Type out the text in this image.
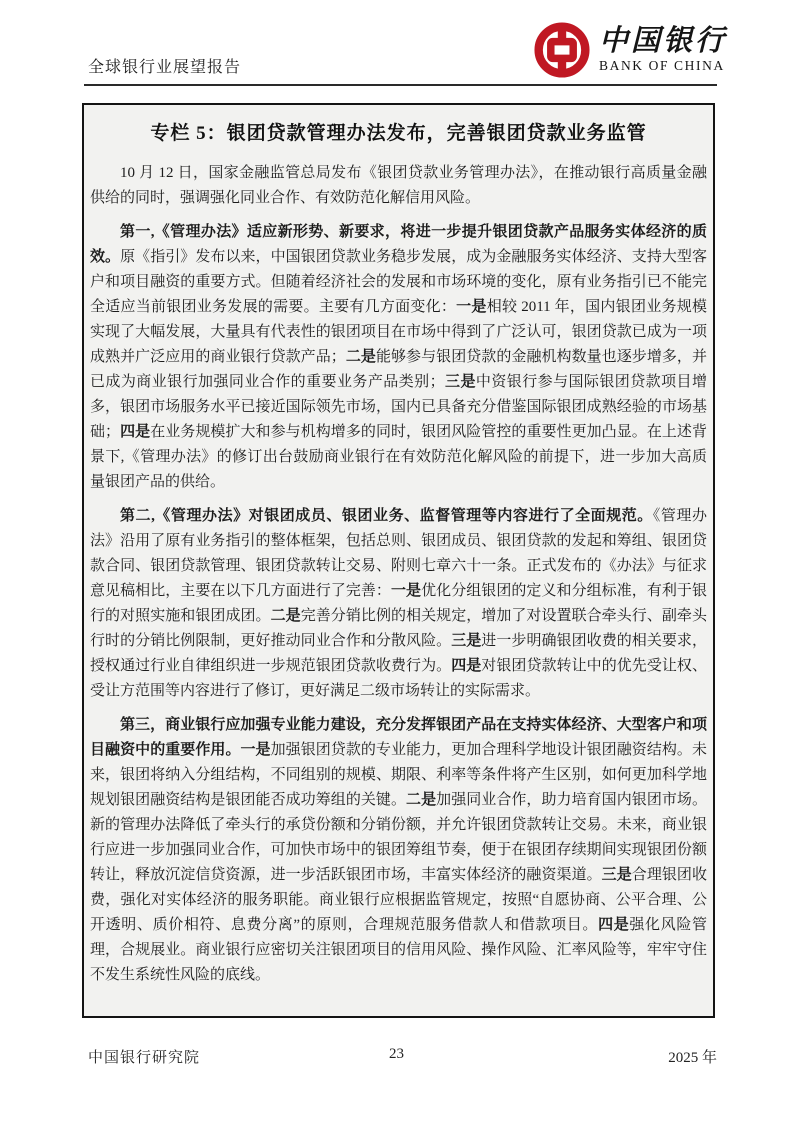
全球银行业展望报告
中国银行
BANK OF CHINA
专栏 5：银团贷款管理办法发布，完善银团贷款业务监管

10 月 12 日，国家金融监管总局发布《银团贷款业务管理办法》，在推动银行高质量金融供给的同时，强调强化同业合作、有效防范化解信用风险。

第一,《管理办法》适应新形势、新要求，将进一步提升银团贷款产品服务实体经济的质效。原《指引》发布以来，中国银团贷款业务稳步发展，成为金融服务实体经济、支持大型客户和项目融资的重要方式。但随着经济社会的发展和市场环境的变化，原有业务指引已不能完全适应当前银团业务发展的需要。主要有几方面变化：一是相较 2011 年，国内银团业务规模实现了大幅发展，大量具有代表性的银团项目在市场中得到了广泛认可，银团贷款已成为一项成熟并广泛应用的商业银行贷款产品；二是能够参与银团贷款的金融机构数量也逐步增多，并已成为商业银行加强同业合作的重要业务产品类别；三是中资银行参与国际银团贷款项目增多，银团市场服务水平已接近国际领先市场，国内已具备充分借鉴国际银团成熟经验的市场基础；四是在业务规模扩大和参与机构增多的同时，银团风险管控的重要性更加凸显。在上述背景下,《管理办法》的修订出台鼓励商业银行在有效防范化解风险的前提下，进一步加大高质量银团产品的供给。

第二,《管理办法》对银团成员、银团业务、监督管理等内容进行了全面规范。《管理办法》沿用了原有业务指引的整体框架，包括总则、银团成员、银团贷款的发起和筹组、银团贷款合同、银团贷款管理、银团贷款转让交易、附则七章六十一条。正式发布的《办法》与征求意见稿相比，主要在以下几方面进行了完善：一是优化分组银团的定义和分组标准，有利于银行的对照实施和银团成团。二是完善分销比例的相关规定，增加了对设置联合牵头行、副牵头行时的分销比例限制，更好推动同业合作和分散风险。三是进一步明确银团收费的相关要求，授权通过行业自律组织进一步规范银团贷款收费行为。四是对银团贷款转让中的优先受让权、受让方范围等内容进行了修订，更好满足二级市场转让的实际需求。

第三，商业银行应加强专业能力建设，充分发挥银团产品在支持实体经济、大型客户和项目融资中的重要作用。一是加强银团贷款的专业能力，更加合理科学地设计银团融资结构。未来，银团将纳入分组结构，不同组别的规模、期限、利率等条件将产生区别，如何更加科学地规划银团融资结构是银团能否成功筹组的关键。二是加强同业合作，助力培育国内银团市场。新的管理办法降低了牵头行的承贷份额和分销份额，并允许银团贷款转让交易。未来，商业银行应进一步加强同业合作，可加快市场中的银团筹组节奏，便于在银团存续期间实现银团份额转让，释放沉淀信贷资源，进一步活跃银团市场，丰富实体经济的融资渠道。三是合理银团收费，强化对实体经济的服务职能。商业银行应根据监管规定，按照“自愿协商、公平合理、公开透明、质价相符、息费分离”的原则，合理规范服务借款人和借款项目。四是强化风险管理，合规展业。商业银行应密切关注银团项目的信用风险、操作风险、汇率风险等，牢牢守住不发生系统性风险的底线。

中国银行研究院	23	2025 年
